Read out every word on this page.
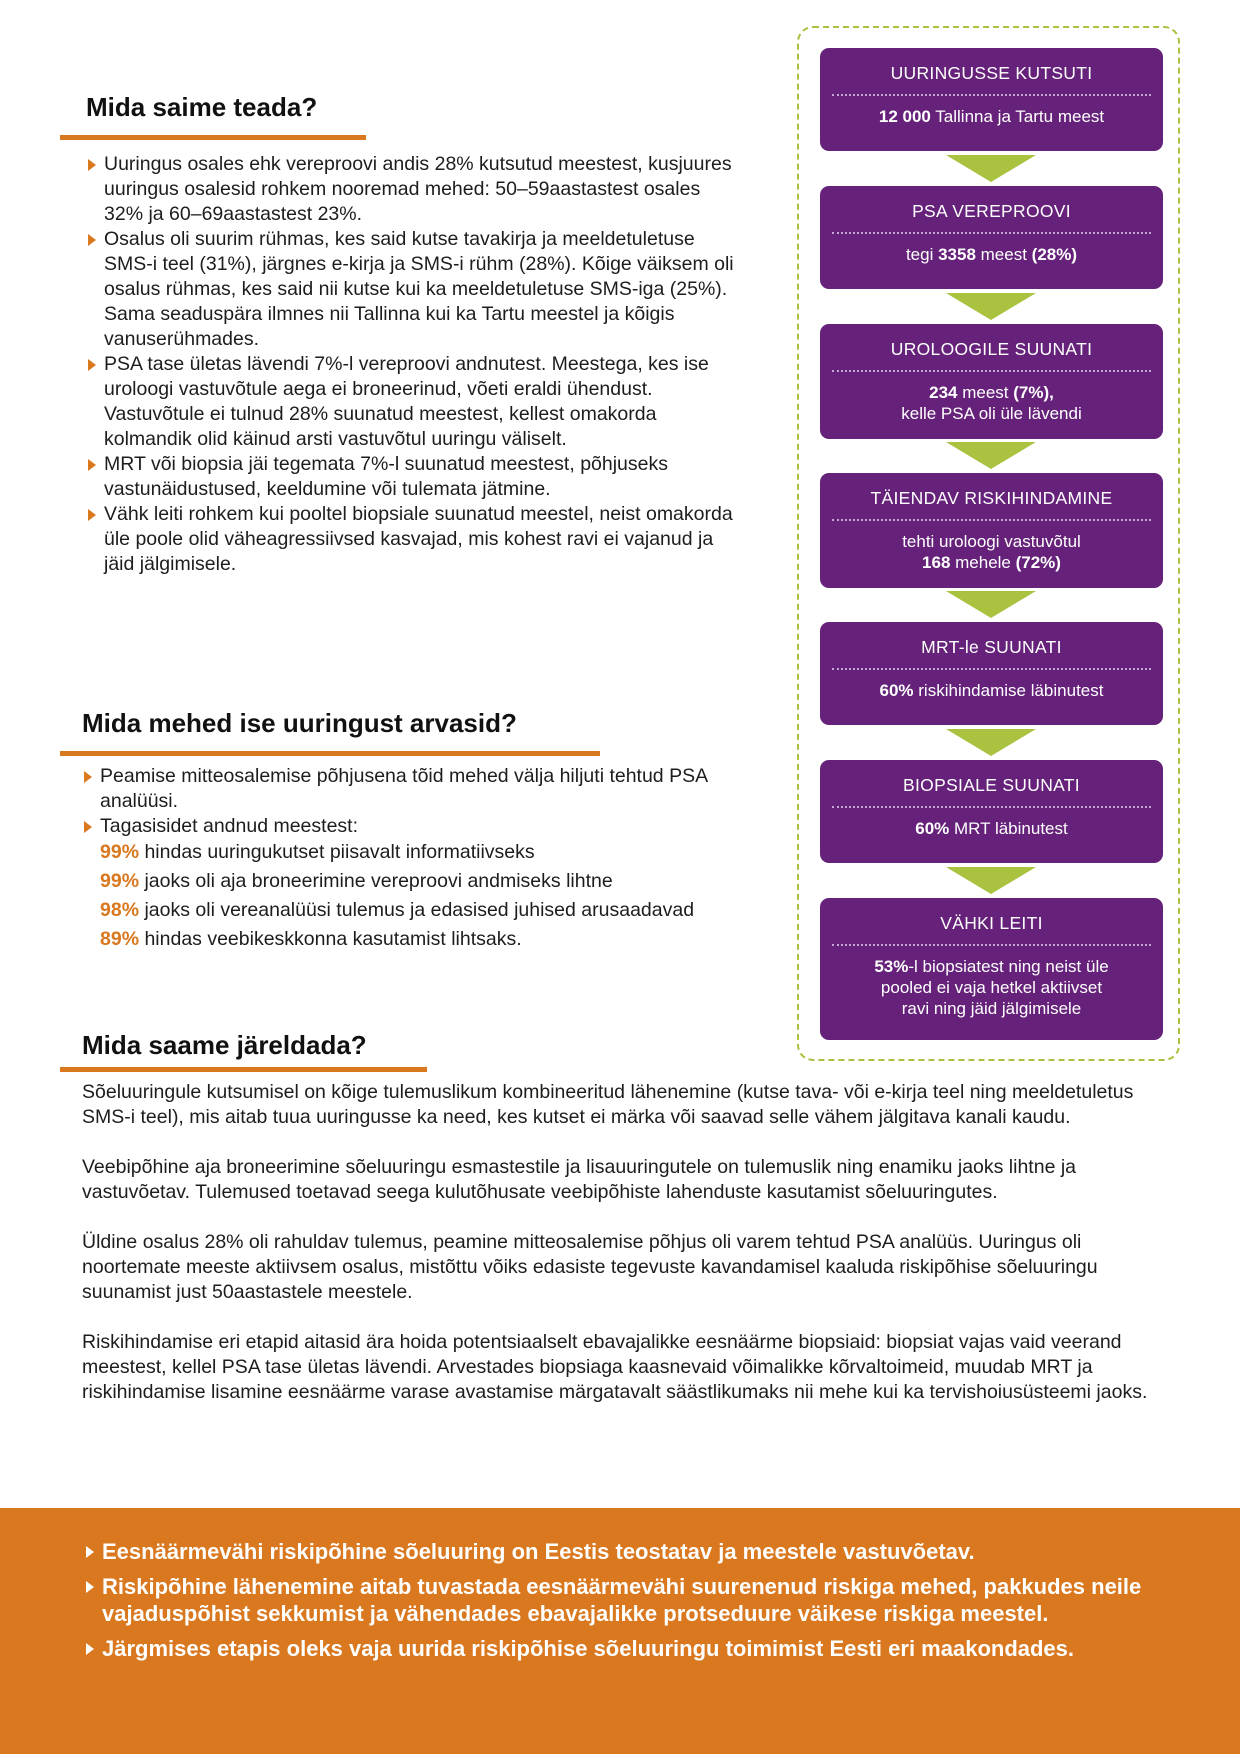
Mida saime teada?
Uuringus osales ehk vereproovi andis 28% kutsutud meestest, kusjuures uuringus osalesid rohkem nooremad mehed: 50–59aastastest osales 32% ja 60–69aastastest 23%.
Osalus oli suurim rühmas, kes said kutse tavakirja ja meeldetuletuse SMS-i teel (31%), järgnes e-kirja ja SMS-i rühm (28%). Kõige väiksem oli osalus rühmas, kes said nii kutse kui ka meeldetuletuse SMS-iga (25%). Sama seaduspära ilmnes nii Tallinna kui ka Tartu meestel ja kõigis vanuserühmades.
PSA tase ületas lävendi 7%-l vereproovi andnutest. Meestega, kes ise uroloogi vastuvõtule aega ei broneerinud, võeti eraldi ühendust. Vastuvõtule ei tulnud 28% suunatud meestest, kellest omakorda kolmandik olid käinud arsti vastuvõtul uuringu väliselt.
MRT või biopsia jäi tegemata 7%-l suunatud meestest, põhjuseks vastunäidustused, keeldumine või tulemata jätmine.
Vähk leiti rohkem kui pooltel biopsiale suunatud meestel, neist omakorda üle poole olid väheagressiivsed kasvajad, mis kohest ravi ei vajanud ja jäid jälgimisele.
Mida mehed ise uuringust arvasid?
Peamise mitteosalemise põhjusena tõid mehed välja hiljuti tehtud PSA analüüsi.
Tagasisidet andnud meestest:
99% hindas uuringukutset piisavalt informatiivseks
99% jaoks oli aja broneerimine vereproovi andmiseks lihtne
98% jaoks oli vereanalüüsi tulemus ja edasised juhised arusaadavad
89% hindas veebikeskkonna kasutamist lihtsaks.
Mida saame järeldada?

Sõeluuringule kutsumisel on kõige tulemuslikum kombineeritud lähenemine (kutse tava- või e-kirja teel ning meeldetuletus SMS-i teel), mis aitab tuua uuringusse ka need, kes kutset ei märka või saavad selle vähem jälgitava kanali kaudu.

Veebipõhine aja broneerimine sõeluuringu esmastestile ja lisauuringutele on tulemuslik ning enamiku jaoks lihtne ja vastuvõetav. Tulemused toetavad seega kulutõhusate veebipõhiste lahenduste kasutamist sõeluuringutes.

Üldine osalus 28% oli rahuldav tulemus, peamine mitteosalemise põhjus oli varem tehtud PSA analüüs. Uuringus oli noortemate meeste aktiivsem osalus, mistõttu võiks edasiste tegevuste kavandamisel kaaluda riskipõhise sõeluuringu suunamist just 50aastastele meestele.

Riskihindamise eri etapid aitasid ära hoida potentsiaalselt ebavajalikke eesnäärme biopsiaid: biopsiat vajas vaid veerand meestest, kellel PSA tase ületas lävendi. Arvestades biopsiaga kaasnevaid võimalikke kõrvaltoimeid, muudab MRT ja riskihindamise lisamine eesnäärme varase avastamise märgatavalt säästlikumaks nii mehe kui ka tervishoiusüsteemi jaoks.

UURINGUSSE KUTSUTI
12 000 Tallinna ja Tartu meest
PSA VEREPROOVI
tegi 3358 meest (28%)
UROLOOGILE SUUNATI
234 meest (7%),
kelle PSA oli üle lävendi
TÄIENDAV RISKIHINDAMINE
tehti uroloogi vastuvõtul
168 mehele (72%)
MRT-le SUUNATI
60% riskihindamise läbinutest
BIOPSIALE SUUNATI
60% MRT läbinutest
VÄHKI LEITI
53%-l biopsiatest ning neist üle
pooled ei vaja hetkel aktiivset
ravi ning jäid jälgimisele
Eesnäärmevähi riskipõhine sõeluuring on Eestis teostatav ja meestele vastuvõetav.
Riskipõhine lähenemine aitab tuvastada eesnäärmevähi suurenenud riskiga mehed, pakkudes neile vajaduspõhist sekkumist ja vähendades ebavajalikke protseduure väikese riskiga meestel.
Järgmises etapis oleks vaja uurida riskipõhise sõeluuringu toimimist Eesti eri maakondades.
